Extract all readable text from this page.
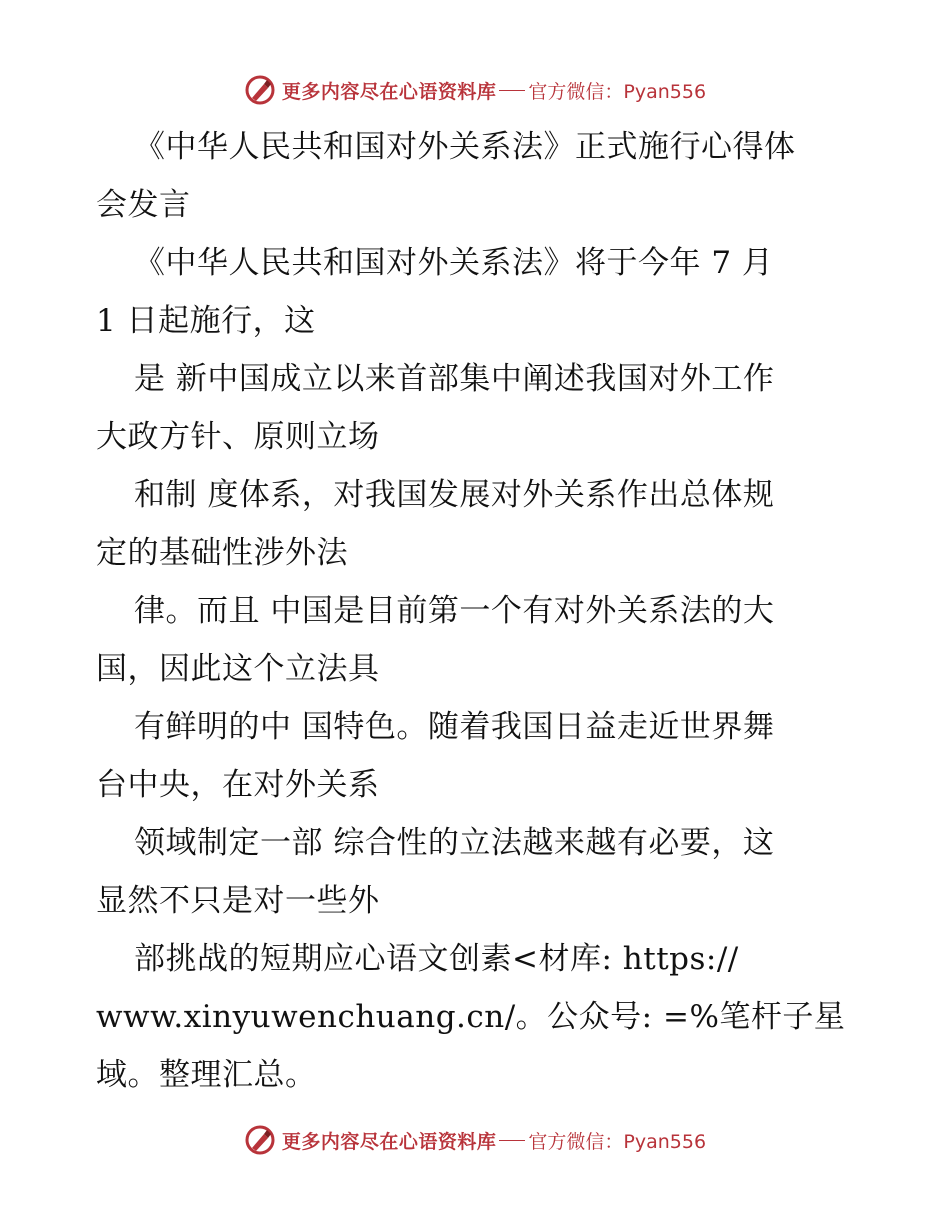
更多内容尽在心语资料库 官方微信：Pyan556
《中华人民共和国对外关系法》正式施行心得体
会发言
《中华人民共和国对外关系法》将于今年 7 月
1 日起施行，这
是 新中国成立以来首部集中阐述我国对外工作
大政方针、原则立场
和制 度体系，对我国发展对外关系作出总体规
定的基础性涉外法
律。而且 中国是目前第一个有对外关系法的大
国，因此这个立法具
有鲜明的中 国特色。随着我国日益走近世界舞
台中央，在对外关系
领域制定一部 综合性的立法越来越有必要，这
显然不只是对一些外
部挑战的短期应心语文创素<材库: https://
www.xinyuwenchuang.cn/。公众号: =%笔杆子星
域。整理汇总。
更多内容尽在心语资料库 官方微信：Pyan556
